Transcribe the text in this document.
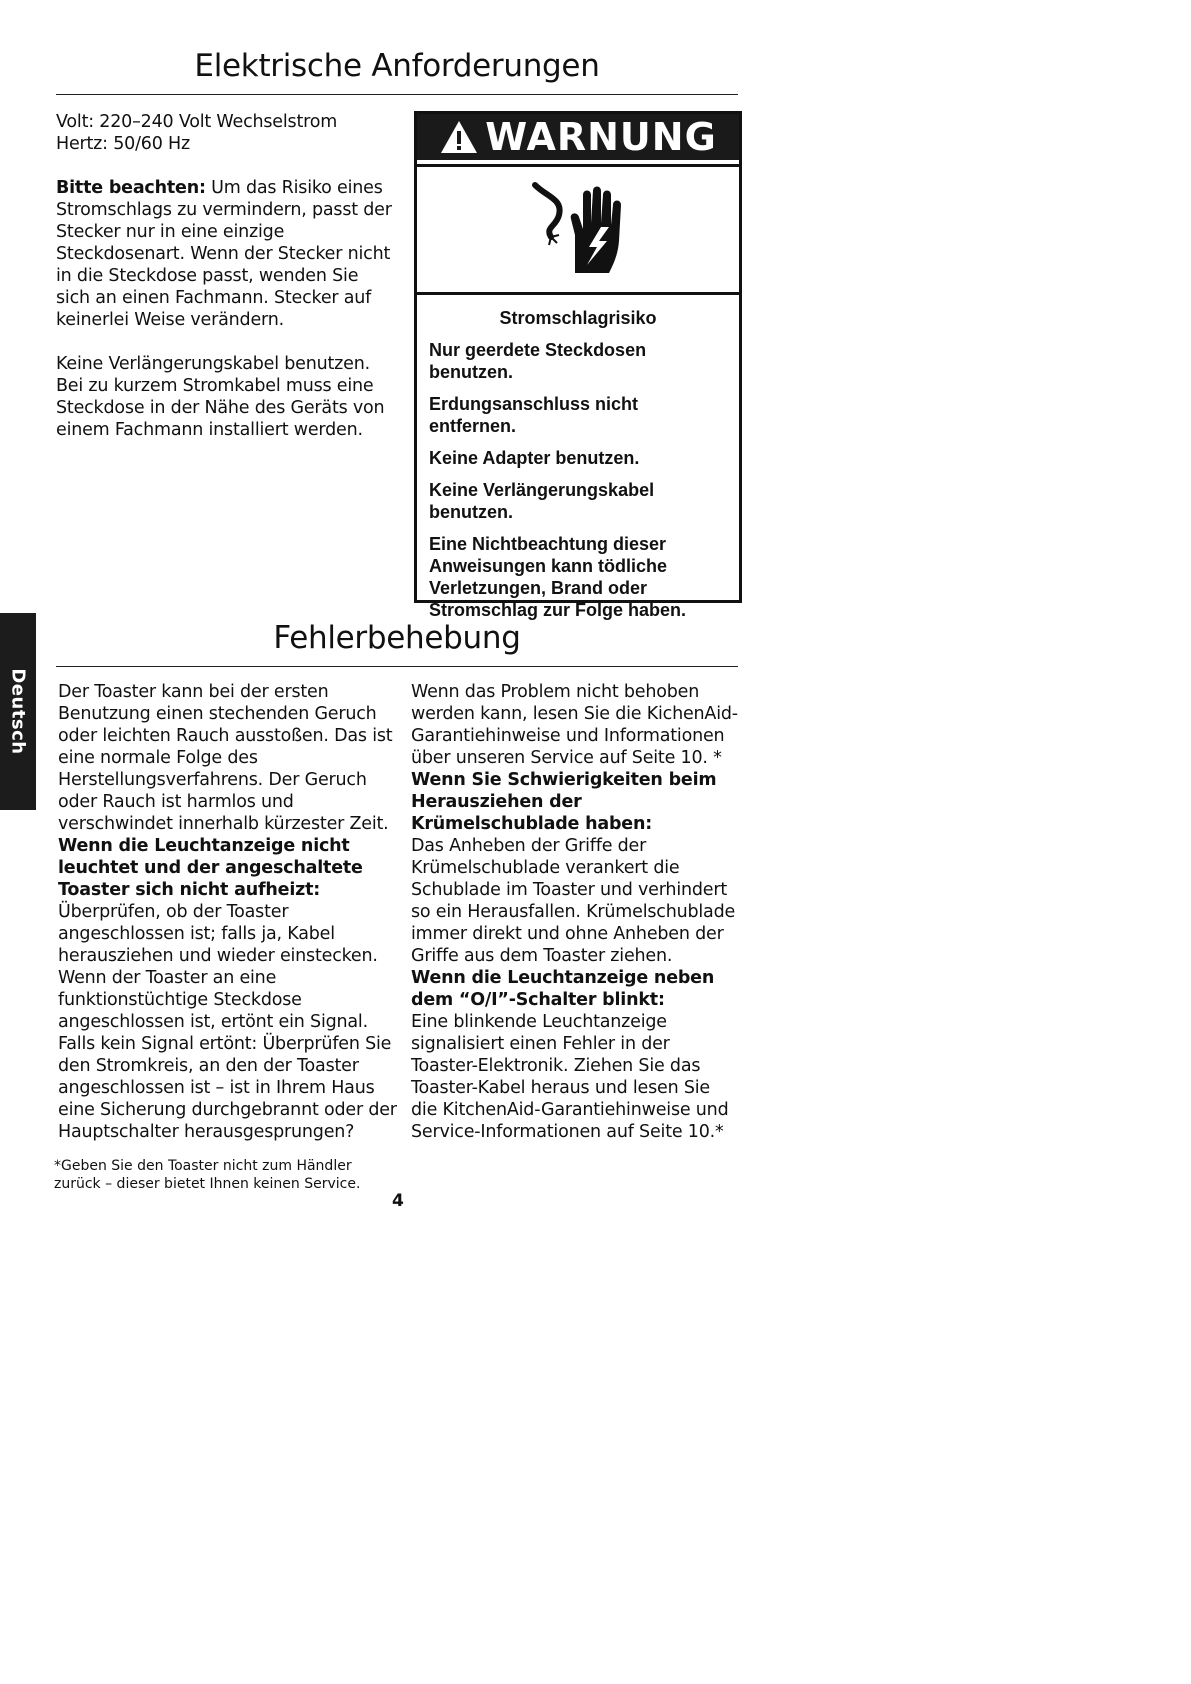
Elektrische Anforderungen

Volt: 220–240 Volt Wechselstrom

Hertz: 50/60 Hz

Bitte beachten: Um das Risiko eines Stromschlags zu vermindern, passt der Stecker nur in eine einzige Steckdosenart. Wenn der Stecker nicht in die Steckdose passt, wenden Sie sich an einen Fachmann. Stecker auf keinerlei Weise verändern.

Keine Verlängerungskabel benutzen. Bei zu kurzem Stromkabel muss eine Steckdose in der Nähe des Geräts von einem Fachmann installiert werden.

WARNUNG

Stromschlagrisiko

Nur geerdete Steckdosen benutzen.

Erdungsanschluss nicht entfernen.

Keine Adapter benutzen.

Keine Verlängerungskabel benutzen.

Eine Nichtbeachtung dieser Anweisungen kann tödliche Verletzungen, Brand oder Stromschlag zur Folge haben.

Deutsch
Fehlerbehebung

Der Toaster kann bei der ersten Benutzung einen stechenden Geruch oder leichten Rauch ausstoßen. Das ist eine normale Folge des Herstellungsverfahrens. Der Geruch oder Rauch ist harmlos und verschwindet innerhalb kürzester Zeit.

Wenn die Leuchtanzeige nicht leuchtet und der angeschaltete Toaster sich nicht aufheizt:

Überprüfen, ob der Toaster angeschlossen ist; falls ja, Kabel herausziehen und wieder einstecken. Wenn der Toaster an eine funktionstüchtige Steckdose angeschlossen ist, ertönt ein Signal. Falls kein Signal ertönt: Überprüfen Sie den Stromkreis, an den der Toaster angeschlossen ist – ist in Ihrem Haus eine Sicherung durchgebrannt oder der Hauptschalter herausgesprungen?

Wenn das Problem nicht behoben werden kann, lesen Sie die KichenAid-Garantiehinweise und Informationen über unseren Service auf Seite 10. *

Wenn Sie Schwierigkeiten beim Herausziehen der Krümelschublade haben:

Das Anheben der Griffe der Krümelschublade verankert die Schublade im Toaster und verhindert so ein Herausfallen. Krümelschublade immer direkt und ohne Anheben der Griffe aus dem Toaster ziehen.

Wenn die Leuchtanzeige neben dem “O/I”-Schalter blinkt:

Eine blinkende Leuchtanzeige signalisiert einen Fehler in der Toaster-Elektronik. Ziehen Sie das Toaster-Kabel heraus und lesen Sie die KitchenAid-Garantiehinweise und Service-Informationen auf Seite 10.*

*Geben Sie den Toaster nicht zum Händler zurück – dieser bietet Ihnen keinen Service.
4
